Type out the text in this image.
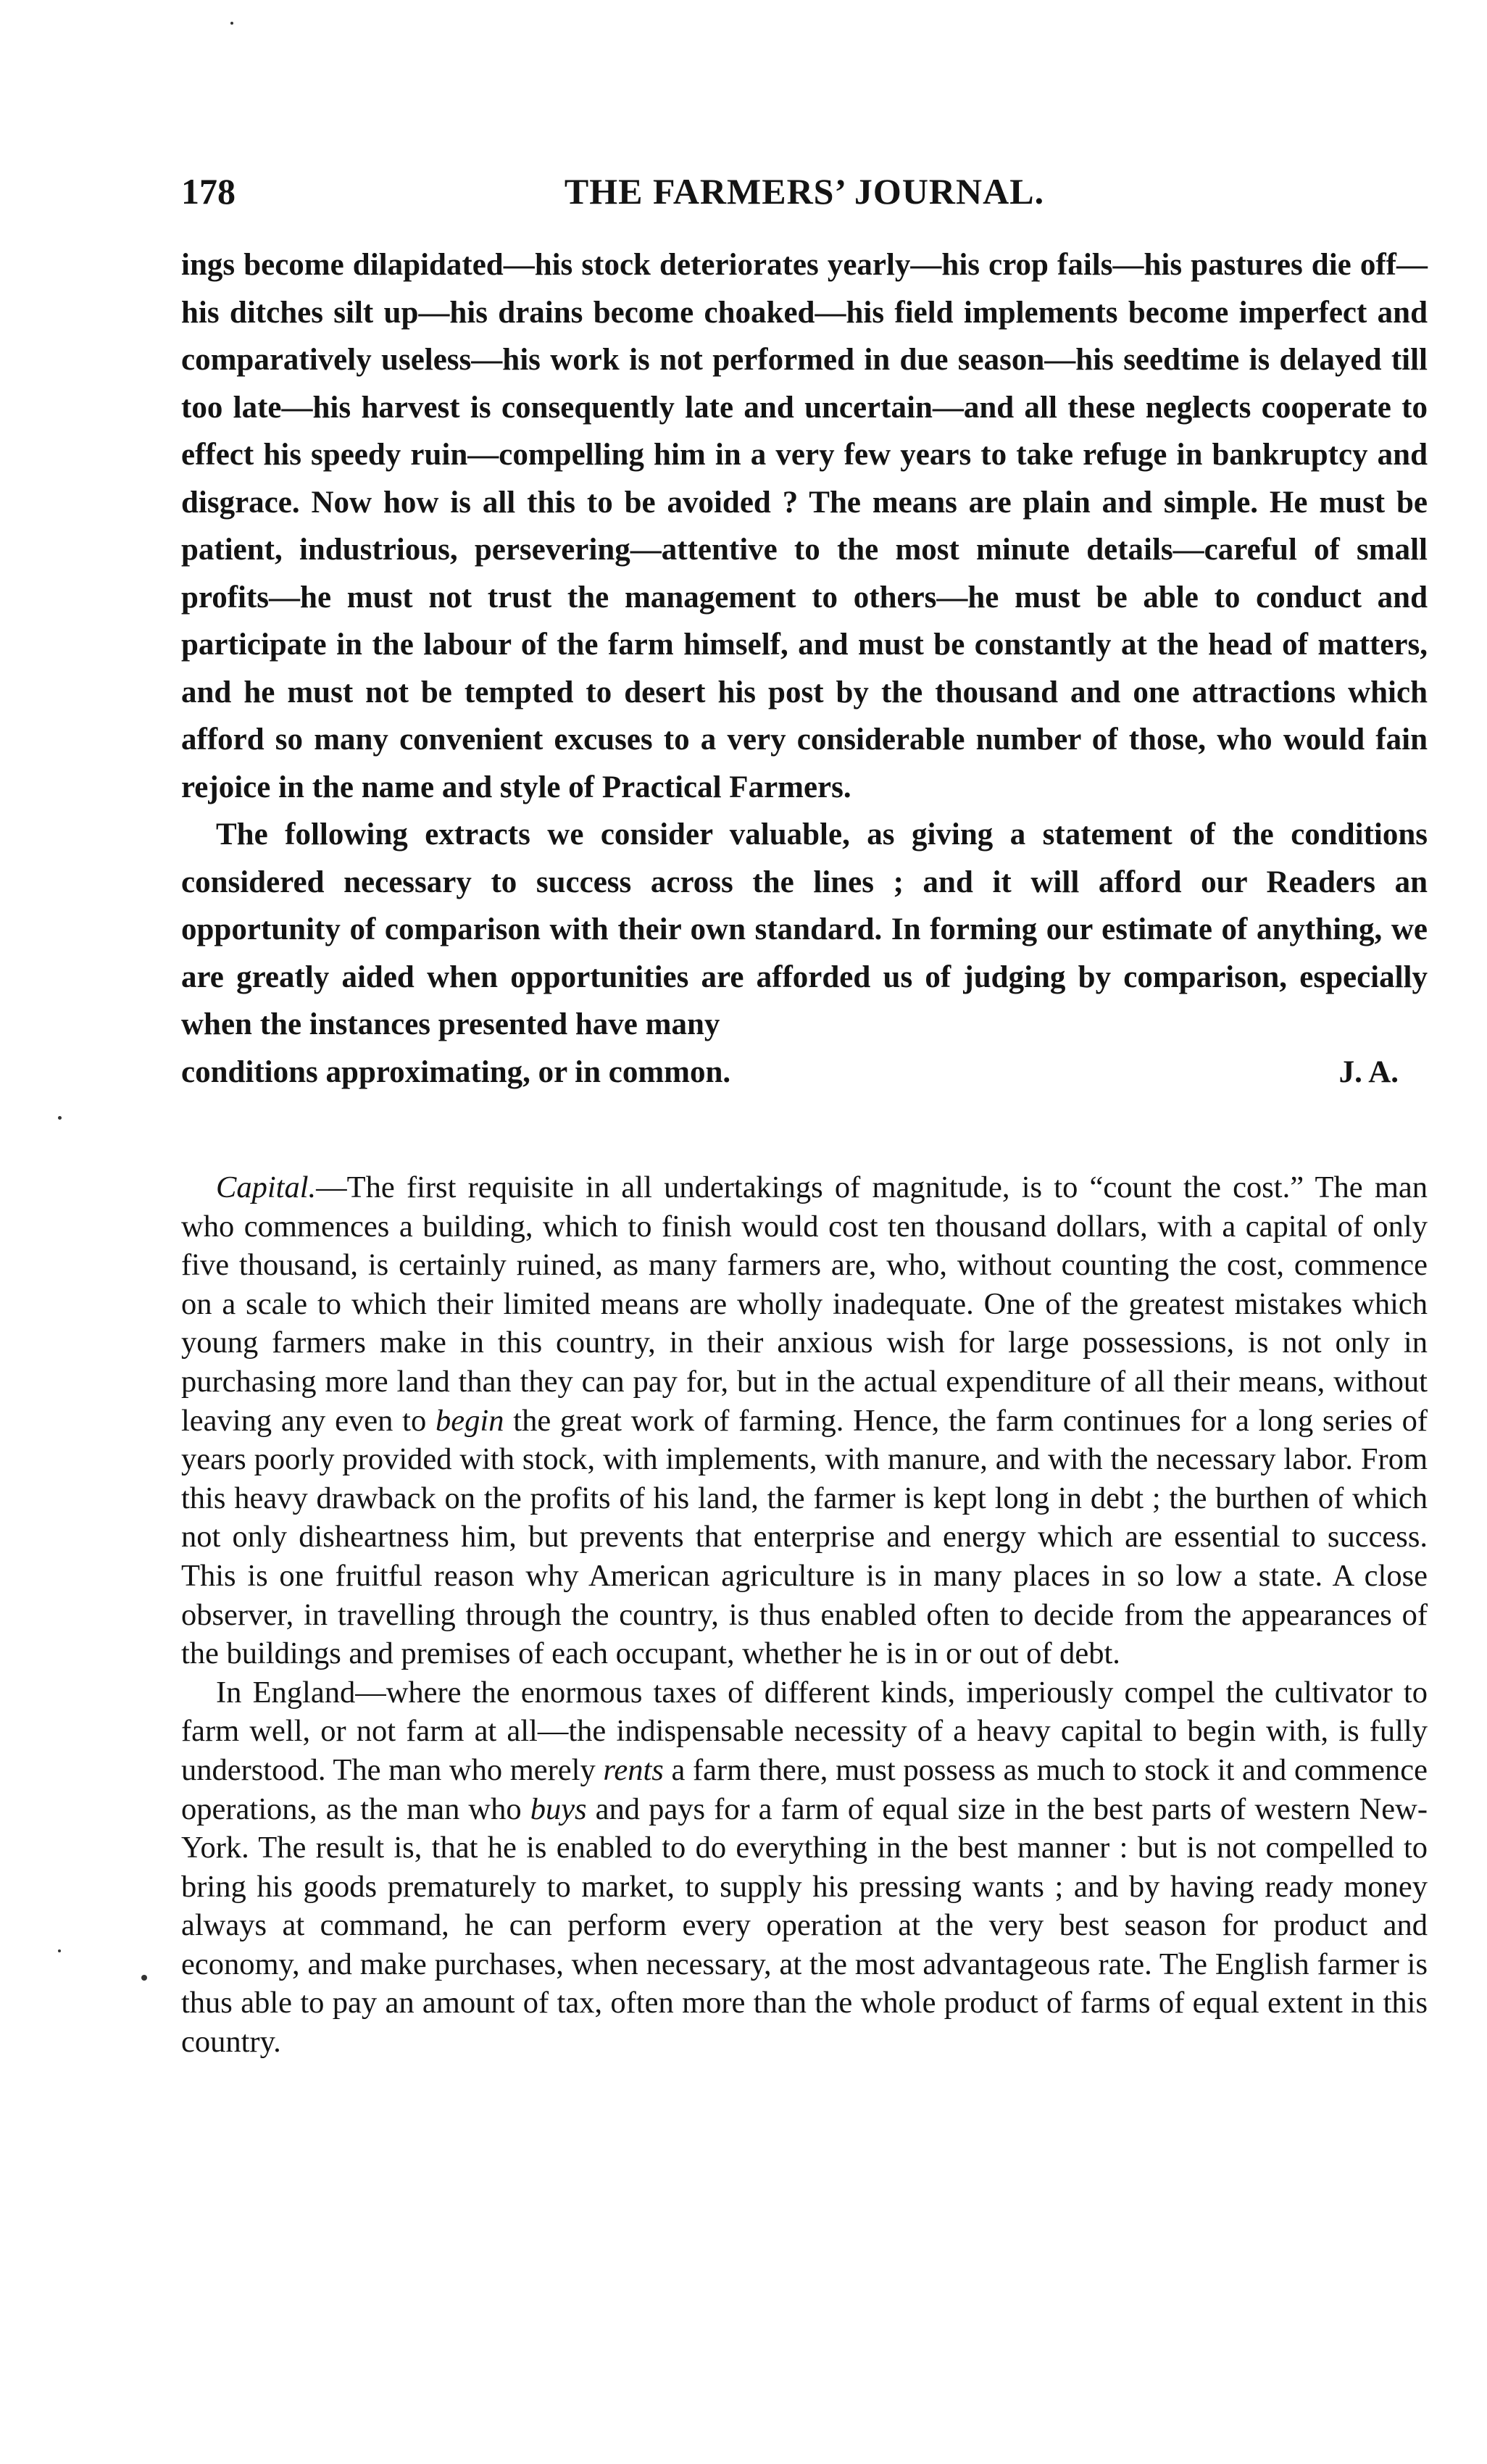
178	THE FARMERS’ JOURNAL.

ings become dilapidated—his stock deteriorates yearly—his crop fails—his pastures die off—his ditches silt up—his drains become choaked—his field implements become imperfect and comparatively useless—his work is not performed in due season—his seedtime is delayed till too late—his harvest is consequently late and uncertain—and all these neglects cooperate to effect his speedy ruin—compelling him in a very few years to take refuge in bankruptcy and disgrace. Now how is all this to be avoided ? The means are plain and simple. He must be patient, industrious, persevering—attentive to the most minute details—careful of small profits—he must not trust the management to others—he must be able to conduct and participate in the labour of the farm himself, and must be constantly at the head of matters, and he must not be tempted to desert his post by the thousand and one attractions which afford so many convenient excuses to a very considerable number of those, who would fain rejoice in the name and style of Practical Farmers.

The following extracts we consider valuable, as giving a statement of the conditions considered necessary to success across the lines ; and it will afford our Readers an opportunity of comparison with their own standard. In forming our estimate of anything, we are greatly aided when opportunities are afforded us of judging by comparison, especially when the instances presented have many

conditions approximating, or in common.	J. A.

Capital.—The first requisite in all undertakings of magnitude, is to “count the cost.” The man who commences a building, which to finish would cost ten thousand dollars, with a capital of only five thousand, is certainly ruined, as many farmers are, who, without counting the cost, commence on a scale to which their limited means are wholly inadequate. One of the greatest mistakes which young farmers make in this country, in their anxious wish for large possessions, is not only in purchasing more land than they can pay for, but in the actual expenditure of all their means, without leaving any even to begin the great work of farming. Hence, the farm continues for a long series of years poorly provided with stock, with implements, with manure, and with the necessary labor. From this heavy drawback on the profits of his land, the farmer is kept long in debt ; the burthen of which not only disheartness him, but prevents that enterprise and energy which are essential to success. This is one fruitful reason why American agriculture is in many places in so low a state. A close observer, in travelling through the country, is thus enabled often to decide from the appearances of the buildings and premises of each occupant, whether he is in or out of debt.

In England—where the enormous taxes of different kinds, imperiously compel the cultivator to farm well, or not farm at all—the indispensable necessity of a heavy capital to begin with, is fully understood. The man who merely rents a farm there, must possess as much to stock it and commence operations, as the man who buys and pays for a farm of equal size in the best parts of western New-York. The result is, that he is enabled to do everything in the best manner : but is not compelled to bring his goods prematurely to market, to supply his pressing wants ; and by having ready money always at command, he can perform every operation at the very best season for product and economy, and make purchases, when necessary, at the most advantageous rate. The English farmer is thus able to pay an amount of tax, often more than the whole product of farms of equal extent in this country.
